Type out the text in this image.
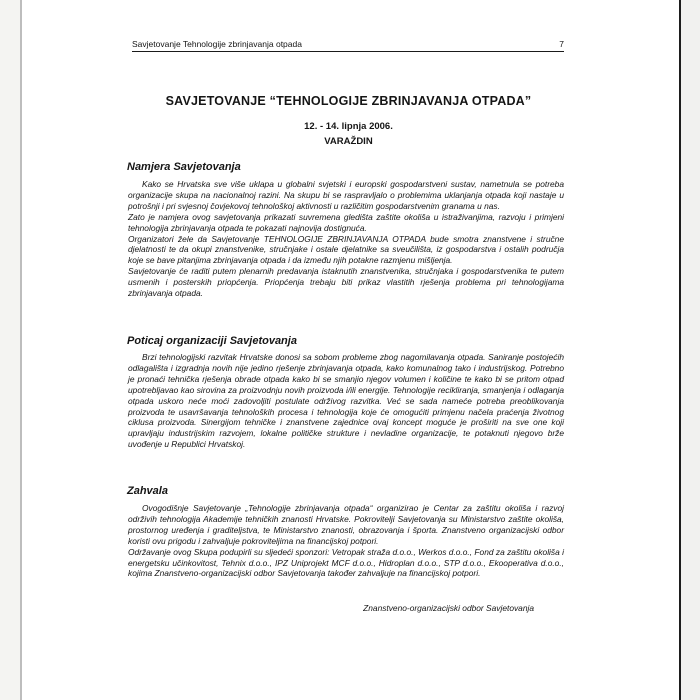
Savjetovanje Tehnologije zbrinjavanja otpada	7
SAVJETOVANJE “TEHNOLOGIJE ZBRINJAVANJA OTPADA”
12. - 14. lipnja 2006.
VARAŽDIN
Namjera Savjetovanja

Kako se Hrvatska sve više uklapa u globalni svjetski i europski gospodarstveni sustav, nametnula se potreba organizacije skupa na nacionalnoj razini. Na skupu bi se raspravljalo o problemima uklanjanja otpada koji nastaje u potrošnji i pri svjesnoj čovjekovoj tehnološkoj aktivnosti u različitim gospodarstvenim granama u nas.

Zato je namjera ovog savjetovanja prikazati suvremena gledišta zaštite okoliša u istraživanjima, razvoju i primjeni tehnologija zbrinjavanja otpada te pokazati najnovija dostignuća.

Organizatori žele da Savjetovanje TEHNOLOGIJE ZBRINJAVANJA OTPADA bude smotra znanstvene i stručne djelatnosti te da okupi znanstvenike, stručnjake i ostale djelatnike sa sveučilišta, iz gospodarstva i ostalih područja koje se bave pitanjima zbrinjavanja otpada i da između njih potakne razmjenu mišljenja.

Savjetovanje će raditi putem plenarnih predavanja istaknutih znanstvenika, stručnjaka i gospodarstvenika te putem usmenih i posterskih priopćenja. Priopćenja trebaju biti prikaz vlastitih rješenja problema pri tehnologijama zbrinjavanja otpada.

Poticaj organizaciji Savjetovanja

Brzi tehnologijski razvitak Hrvatske donosi sa sobom probleme zbog nagomilavanja otpada. Saniranje postojećih odlagališta i izgradnja novih nije jedino rješenje zbrinjavanja otpada, kako komunalnog tako i industrijskog. Potrebno je pronaći tehnička rješenja obrade otpada kako bi se smanjio njegov volumen i količine te kako bi se pritom otpad upotrebljavao kao sirovina za proizvodnju novih proizvoda i/ili energije. Tehnologije recikliranja, smanjenja i odlaganja otpada uskoro neće moći zadovoljiti postulate održivog razvitka. Već se sada nameće potreba preoblikovanja proizvoda te usavršavanja tehnoloških procesa i tehnologija koje će omogućiti primjenu načela praćenja životnog ciklusa proizvoda. Sinergijom tehničke i znanstvene zajednice ovaj koncept moguće je proširiti na sve one koji upravljaju industrijskim razvojem, lokalne političke strukture i nevladine organizacije, te potaknuti njegovo brže uvođenje u Republici Hrvatskoj.

Zahvala

Ovogodišnje Savjetovanje „Tehnologije zbrinjavanja otpada“ organizirao je Centar za zaštitu okoliša i razvoj održivih tehnologija Akademije tehničkih znanosti Hrvatske. Pokrovitelji Savjetovanja su Ministarstvo zaštite okoliša, prostornog uređenja i graditeljstva, te Ministarstvo znanosti, obrazovanja i športa. Znanstveno organizacijski odbor koristi ovu prigodu i zahvaljuje pokroviteljima na financijskoj potpori.

Održavanje ovog Skupa podupirli su sljedeći sponzori: Vetropak straža d.o.o., Werkos d.o.o., Fond za zaštitu okoliša i energetsku učinkovitost, Tehnix d.o.o., IPZ Uniprojekt MCF d.o.o., Hidroplan d.o.o., STP d.o.o., Ekooperativa d.o.o., kojima Znanstveno-organizacijski odbor Savjetovanja također zahvaljuje na financijskoj potpori.

Znanstveno-organizacijski odbor Savjetovanja
